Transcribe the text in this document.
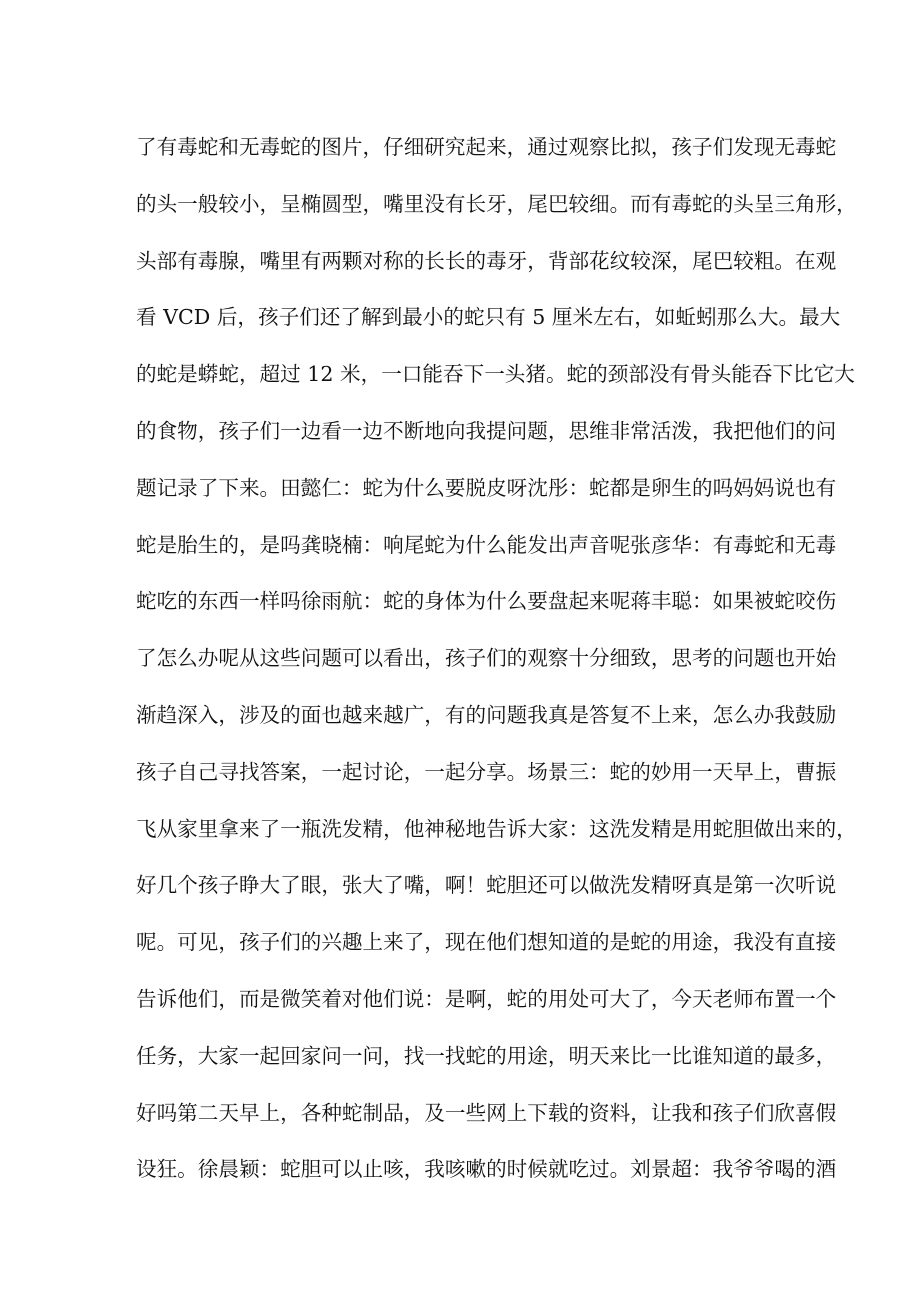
了有毒蛇和无毒蛇的图片，仔细研究起来，通过观察比拟，孩子们发现无毒蛇
的头一般较小，呈椭圆型，嘴里没有长牙，尾巴较细。而有毒蛇的头呈三角形，
头部有毒腺，嘴里有两颗对称的长长的毒牙，背部花纹较深，尾巴较粗。在观
看 VCD 后，孩子们还了解到最小的蛇只有 5 厘米左右，如蚯蚓那么大。最大
的蛇是蟒蛇，超过 12 米，一口能吞下一头猪。蛇的颈部没有骨头能吞下比它大
的食物，孩子们一边看一边不断地向我提问题，思维非常活泼，我把他们的问
题记录了下来。田懿仁：蛇为什么要脱皮呀沈彤：蛇都是卵生的吗妈妈说也有
蛇是胎生的，是吗龚晓楠：响尾蛇为什么能发出声音呢张彦华：有毒蛇和无毒
蛇吃的东西一样吗徐雨航：蛇的身体为什么要盘起来呢蒋丰聪：如果被蛇咬伤
了怎么办呢从这些问题可以看出，孩子们的观察十分细致，思考的问题也开始
渐趋深入，涉及的面也越来越广，有的问题我真是答复不上来，怎么办我鼓励
孩子自己寻找答案，一起讨论，一起分享。场景三：蛇的妙用一天早上，曹振
飞从家里拿来了一瓶洗发精，他神秘地告诉大家：这洗发精是用蛇胆做出来的，
好几个孩子睁大了眼，张大了嘴，啊！蛇胆还可以做洗发精呀真是第一次听说
呢。可见，孩子们的兴趣上来了，现在他们想知道的是蛇的用途，我没有直接
告诉他们，而是微笑着对他们说：是啊，蛇的用处可大了，今天老师布置一个
任务，大家一起回家问一问，找一找蛇的用途，明天来比一比谁知道的最多，
好吗第二天早上，各种蛇制品，及一些网上下载的资料，让我和孩子们欣喜假
设狂。徐晨颖：蛇胆可以止咳，我咳嗽的时候就吃过。刘景超：我爷爷喝的酒
